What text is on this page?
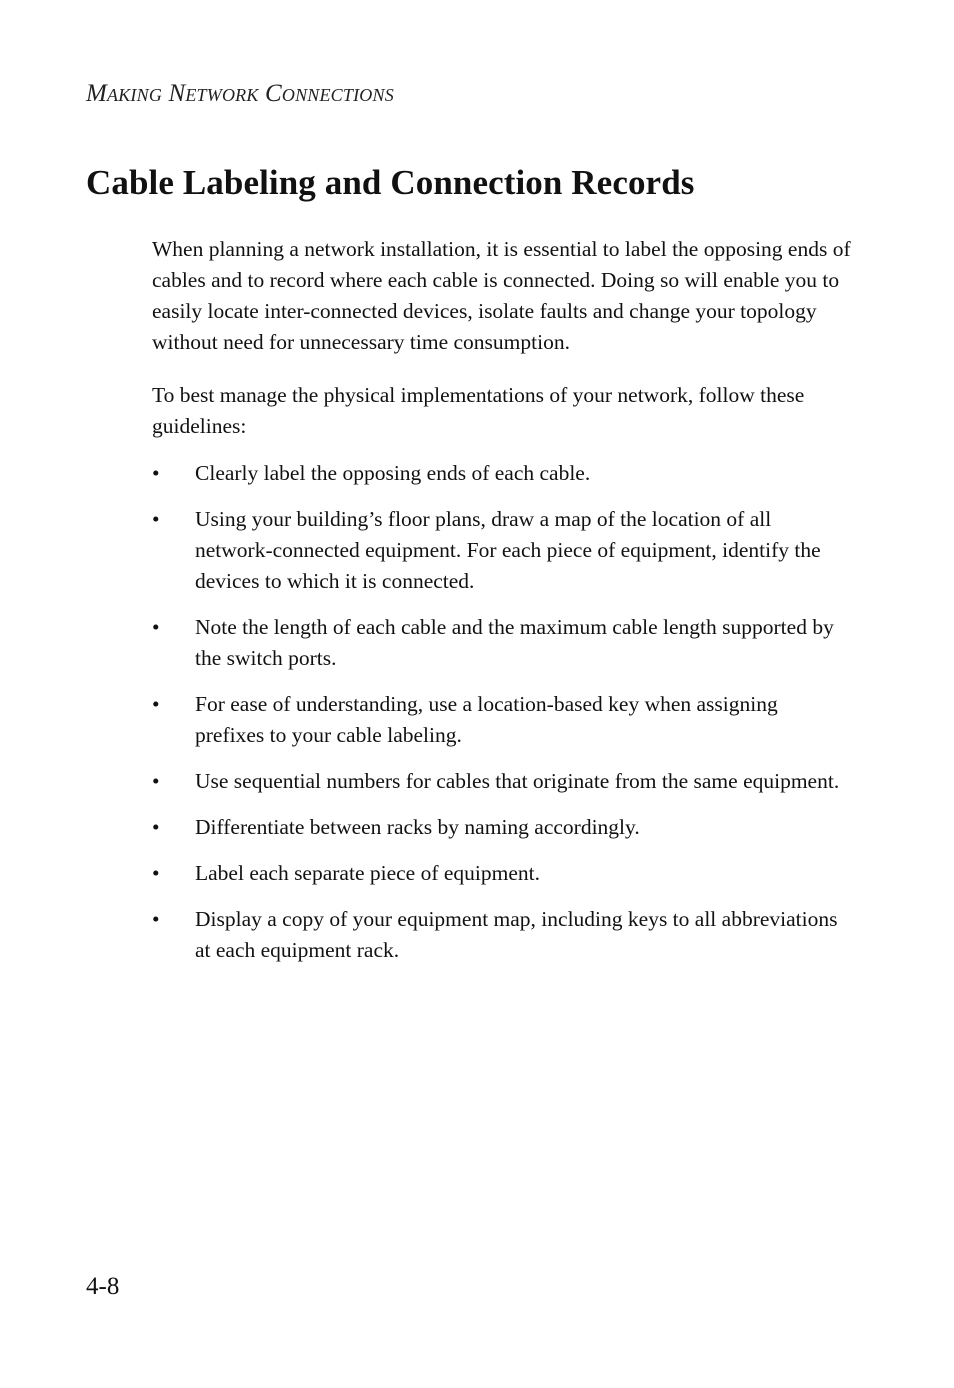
Making Network Connections

Cable Labeling and Connection Records

When planning a network installation, it is essential to label the opposing ends of cables and to record where each cable is connected. Doing so will enable you to easily locate inter-connected devices, isolate faults and change your topology without need for unnecessary time consumption.

To best manage the physical implementations of your network, follow these guidelines:

•	Clearly label the opposing ends of each cable.
•	Using your building’s floor plans, draw a map of the location of all network-connected equipment. For each piece of equipment, identify the devices to which it is connected.
•	Note the length of each cable and the maximum cable length supported by the switch ports.
•	For ease of understanding, use a location-based key when assigning prefixes to your cable labeling.
•	Use sequential numbers for cables that originate from the same equipment.
•	Differentiate between racks by naming accordingly.
•	Label each separate piece of equipment.
•	Display a copy of your equipment map, including keys to all abbreviations at each equipment rack.

4-8
